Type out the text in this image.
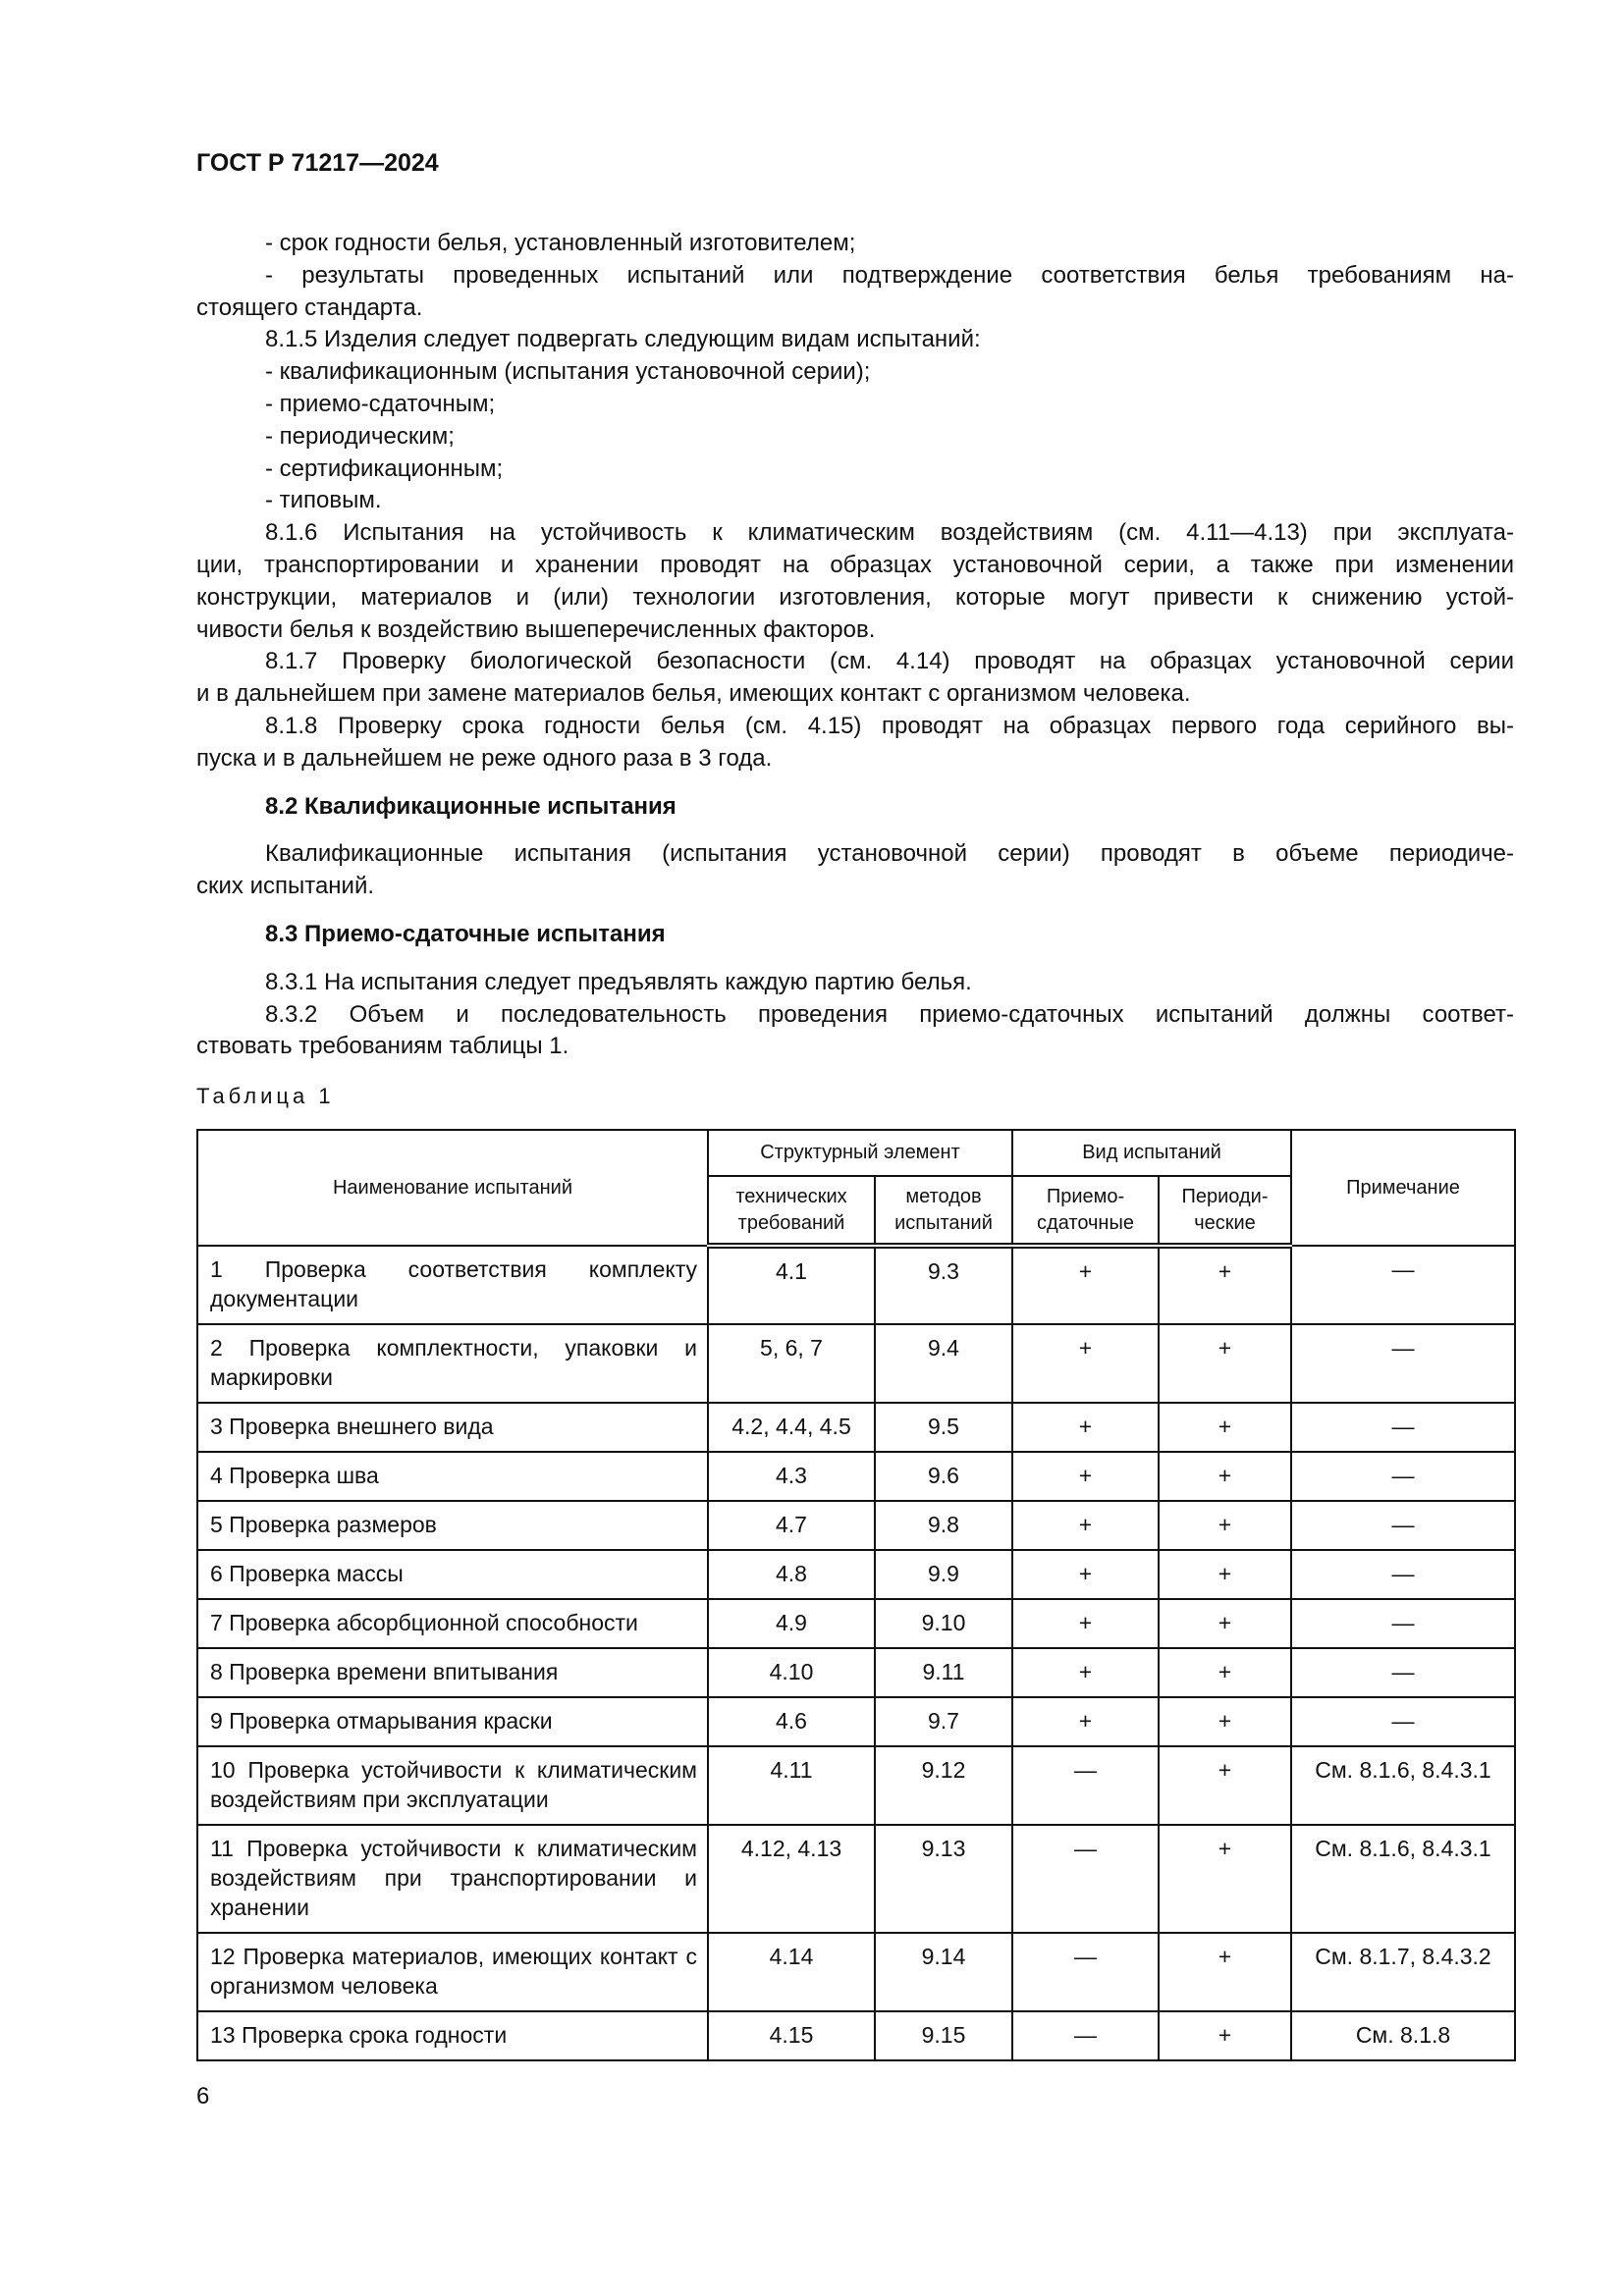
ГОСТ Р 71217—2024
- срок годности белья, установленный изготовителем;
- результаты проведенных испытаний или подтверждение соответствия белья требованиям на-
стоящего стандарта.
8.1.5 Изделия следует подвергать следующим видам испытаний:
- квалификационным (испытания установочной серии);
- приемо-сдаточным;
- периодическим;
- сертификационным;
- типовым.
8.1.6 Испытания на устойчивость к климатическим воздействиям (см. 4.11—4.13) при эксплуата-
ции, транспортировании и хранении проводят на образцах установочной серии, а также при изменении
конструкции, материалов и (или) технологии изготовления, которые могут привести к снижению устой-
чивости белья к воздействию вышеперечисленных факторов.
8.1.7 Проверку биологической безопасности (см. 4.14) проводят на образцах установочной серии
и в дальнейшем при замене материалов белья, имеющих контакт с организмом человека.
8.1.8 Проверку срока годности белья (см. 4.15) проводят на образцах первого года серийного вы-
пуска и в дальнейшем не реже одного раза в 3 года.
8.2 Квалификационные испытания
Квалификационные испытания (испытания установочной серии) проводят в объеме периодиче-
ских испытаний.
8.3 Приемо-сдаточные испытания
8.3.1 На испытания следует предъявлять каждую партию белья.
8.3.2 Объем и последовательность проведения приемо-сдаточных испытаний должны соответ-
ствовать требованиям таблицы 1.
Таблица 1
Наименование испытаний	Структурный элемент		Вид испытаний		Примечание
	технических требований	методов испытаний	Приемо-сдаточные	Периоди-ческие	
1 Проверка соответствия комплекту документации	4.1	9.3	+	+	—
2 Проверка комплектности, упаковки и маркировки	5, 6, 7	9.4	+	+	—
3 Проверка внешнего вида	4.2, 4.4, 4.5	9.5	+	+	—
4 Проверка шва	4.3	9.6	+	+	—
5 Проверка размеров	4.7	9.8	+	+	—
6 Проверка массы	4.8	9.9	+	+	—
7 Проверка абсорбционной способности	4.9	9.10	+	+	—
8 Проверка времени впитывания	4.10	9.11	+	+	—
9 Проверка отмарывания краски	4.6	9.7	+	+	—
10 Проверка устойчивости к климатическим воздействиям при эксплуатации	4.11	9.12	—	+	См. 8.1.6, 8.4.3.1
11 Проверка устойчивости к климатическим воздействиям при транспортировании и хранении	4.12, 4.13	9.13	—	+	См. 8.1.6, 8.4.3.1
12 Проверка материалов, имеющих контакт с организмом человека	4.14	9.14	—	+	См. 8.1.7, 8.4.3.2
13 Проверка срока годности	4.15	9.15	—	+	См. 8.1.8
6
